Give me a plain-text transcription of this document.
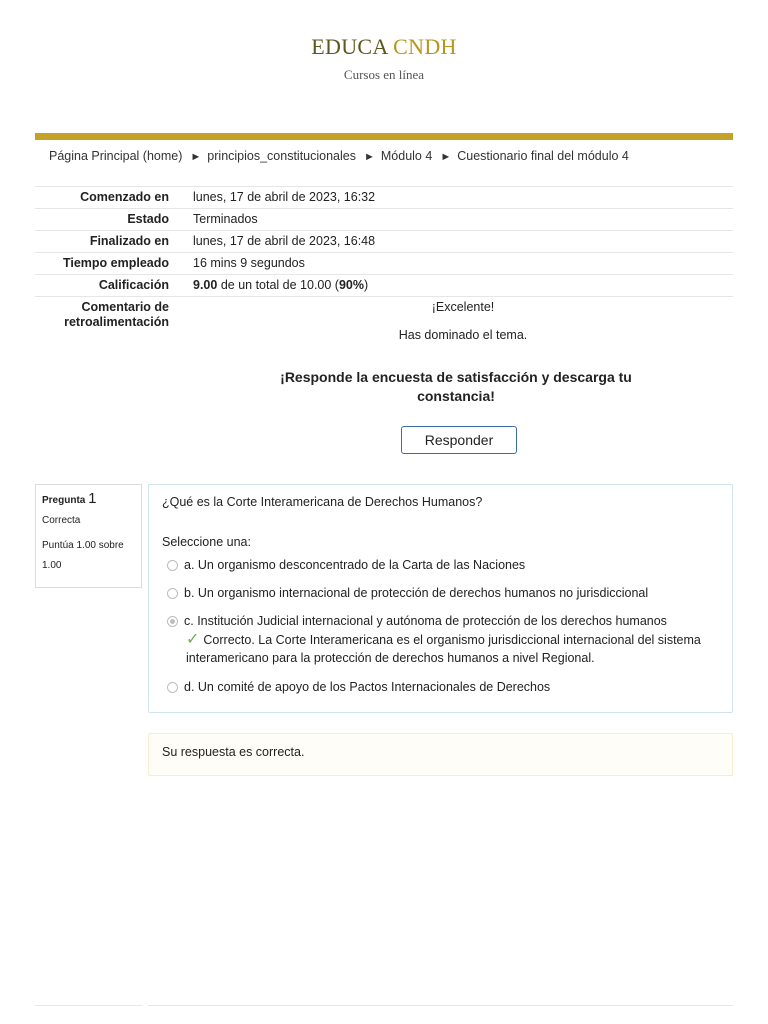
EDUCA CNDH
Cursos en línea
Página Principal (home) ► principios_constitucionales ► Módulo 4 ► Cuestionario final del módulo 4
Comenzado en	lunes, 17 de abril de 2023, 16:32
Estado	Terminados
Finalizado en	lunes, 17 de abril de 2023, 16:48
Tiempo empleado	16 mins 9 segundos
Calificación	9.00 de un total de 10.00 (90%)
Comentario de
retroalimentación
¡Excelente!
Has dominado el tema.
¡Responde la encuesta de satisfacción y descarga tu constancia!
Responder
Pregunta 1
Correcta
Puntúa 1.00 sobre 1.00
¿Qué es la Corte Interamericana de Derechos Humanos?
Seleccione una:
a. Un organismo desconcentrado de la Carta de las Naciones
b. Un organismo internacional de protección de derechos humanos no jurisdiccional
c. Institución Judicial internacional y autónoma de protección de los derechos humanos
✓ Correcto. La Corte Interamericana es el organismo jurisdiccional internacional del sistema interamericano para la protección de derechos humanos a nivel Regional.
d. Un comité de apoyo de los Pactos Internacionales de Derechos
Su respuesta es correcta.
